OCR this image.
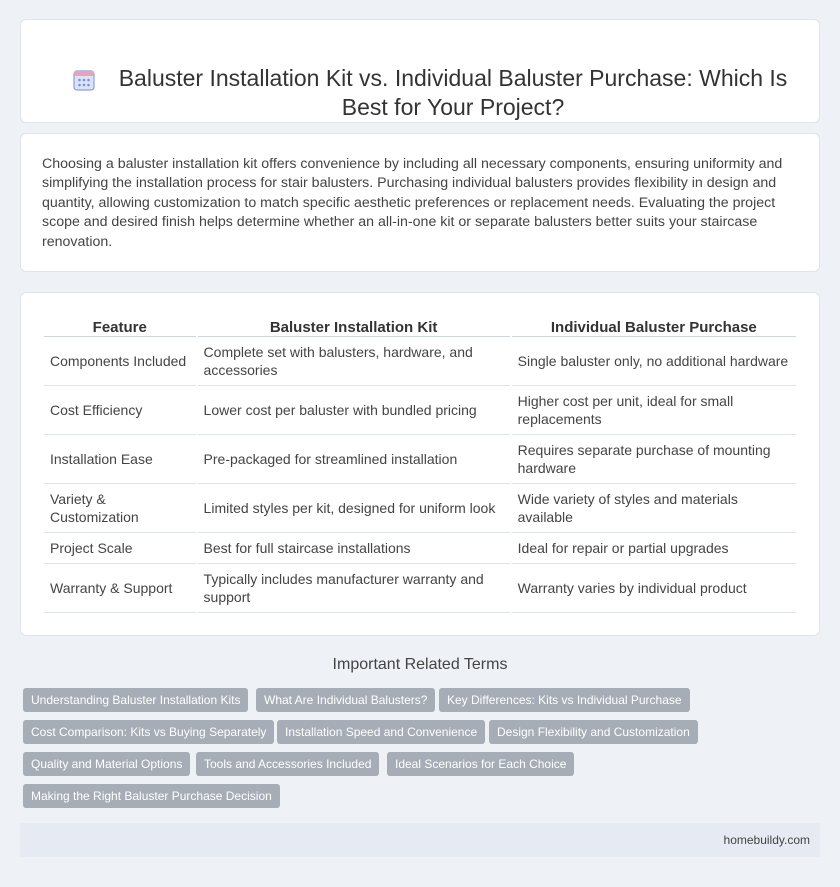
Baluster Installation Kit vs. Individual Baluster Purchase: Which Is Best for Your Project?

Choosing a baluster installation kit offers convenience by including all necessary components, ensuring uniformity and simplifying the installation process for stair balusters. Purchasing individual balusters provides flexibility in design and quantity, allowing customization to match specific aesthetic preferences or replacement needs. Evaluating the project scope and desired finish helps determine whether an all-in-one kit or separate balusters better suits your staircase renovation.

Feature	Baluster Installation Kit	Individual Baluster Purchase
Components Included	Complete set with balusters, hardware, and accessories	Single baluster only, no additional hardware
Cost Efficiency	Lower cost per baluster with bundled pricing	Higher cost per unit, ideal for small replacements
Installation Ease	Pre-packaged for streamlined installation	Requires separate purchase of mounting hardware
Variety & Customization	Limited styles per kit, designed for uniform look	Wide variety of styles and materials available
Project Scale	Best for full staircase installations	Ideal for repair or partial upgrades
Warranty & Support	Typically includes manufacturer warranty and support	Warranty varies by individual product
Important Related Terms
Understanding Baluster Installation Kits	What Are Individual Balusters?	Key Differences: Kits vs Individual Purchase
Cost Comparison: Kits vs Buying Separately	Installation Speed and Convenience	Design Flexibility and Customization
Quality and Material Options	Tools and Accessories Included	Ideal Scenarios for Each Choice
Making the Right Baluster Purchase Decision
homebuildy.com
